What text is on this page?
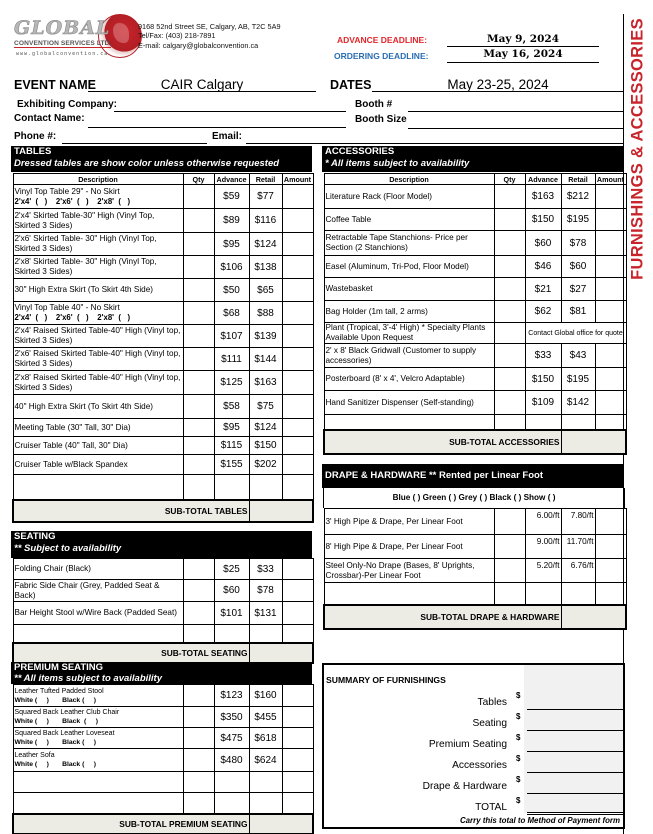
GLOBAL
CONVENTION SERVICES LTD.
www.globalconvention.ca
9168 52nd Street SE, Calgary, AB, T2C 5A9
Tel/Fax: (403) 218-7891
E-mail: calgary@globalconvention.ca
ADVANCE DEADLINE:	May 9, 2024
ORDERING DEADLINE:	May 16, 2024	FURNISHINGS & ACCESSORIES
EVENT NAME	CAIR Calgary	DATES	May 23-25, 2024
Exhibiting Company:	Booth #
Contact Name:	Booth Size
Phone #:	Email:
TABLES
Dressed tables are show color unless otherwise requested
Description	Qty	Advance	Retail	Amount

Vinyl Top Table 29" - No Skirt
2'x4'  (   )    2'x6'  (   )    2'x8'  (   )		$59	$77	

2'x4' Skirted Table-30" High (Vinyl Top, Skirted 3 Sides)		$89	$116	

2'x6' Skirted Table- 30" High (Vinyl Top, Skirted 3 Sides)		$95	$124	

2'x8' Skirted Table- 30" High (Vinyl Top, Skirted 3 Sides)		$106	$138	

30" High Extra Skirt (To Skirt 4th Side)		$50	$65	

Vinyl Top Table 40" - No Skirt
2'x4'  (   )    2'x6'  (   )    2'x8'  (   )		$68	$88	

2'x4' Raised Skirted Table-40" High (Vinyl top, Skirted 3 Sides)		$107	$139	

2'x6' Raised Skirted Table-40" High (Vinyl top, Skirted 3 Sides)		$111	$144	

2'x8' Raised Skirted Table-40" High (Vinyl top, Skirted 3 Sides)		$125	$163	

40" High Extra Skirt (To Skirt 4th Side)		$58	$75	

Meeting Table (30" Tall, 30" Dia)		$95	$124	

Cruiser Table (40" Tall, 30" Dia)		$115	$150	

Cruiser Table w/Black Spandex		$155	$202	

SUB-TOTAL TABLES				
SEATING
** Subject to availability
Folding Chair (Black)		$25	$33	

Fabric Side Chair (Grey, Padded Seat & Back)		$60	$78	

Bar Height Stool w/Wire Back (Padded Seat)		$101	$131	

SUB-TOTAL SEATING				
PREMIUM SEATING
** All items subject to availability
Leather Tufted Padded Stool
White (     )       Black (     )		$123	$160	

Squared Back Leather Club Chair
White (     )       Black  (     )		$350	$455	

Squared Back Leather Loveseat
White (     )       Black (     )		$475	$618	

Leather Sofa
White (     )       Black (     )		$480	$624	

SUB-TOTAL PREMIUM SEATING				
ACCESSORIES
* All items subject to availability
Description	Qty	Advance	Retail	Amount

Literature Rack (Floor Model)		$163	$212	

Coffee Table		$150	$195	

Retractable Tape Stanchions- Price per Section (2 Stanchions)		$60	$78	

Easel (Aluminum, Tri-Pod, Floor Model)		$46	$60	

Wastebasket		$21	$27	

Bag Holder (1m tall, 2 arms)		$62	$81	

Plant (Tropical, 3'-4' High) * Specialty Plants Available Upon Request		Contact Global office for quote		

2' x 8' Black Gridwall (Customer to supply accessories)		$33	$43	

Posterboard (8' x 4', Velcro Adaptable)		$150	$195	

Hand Sanitizer Dispenser (Self-standing)		$109	$142	

SUB-TOTAL ACCESSORIES				
DRAPE & HARDWARE ** Rented per Linear Foot
Blue ( ) Green ( ) Grey ( ) Black ( ) Show ( )
3' High Pipe & Drape, Per Linear Foot		6.00/ft	7.80/ft	

8' High Pipe & Drape, Per Linear Foot		9.00/ft	11.70/ft	

Steel Only-No Drape (Bases, 8' Uprights, Crossbar)-Per Linear Foot		5.20/ft	6.76/ft	

SUB-TOTAL DRAPE & HARDWARE				
SUMMARY OF FURNISHINGS
Tables
$
Seating
$
Premium Seating
$
Accessories
$
Drape & Hardware
$
TOTAL
$
Carry this total to Method of Payment form
